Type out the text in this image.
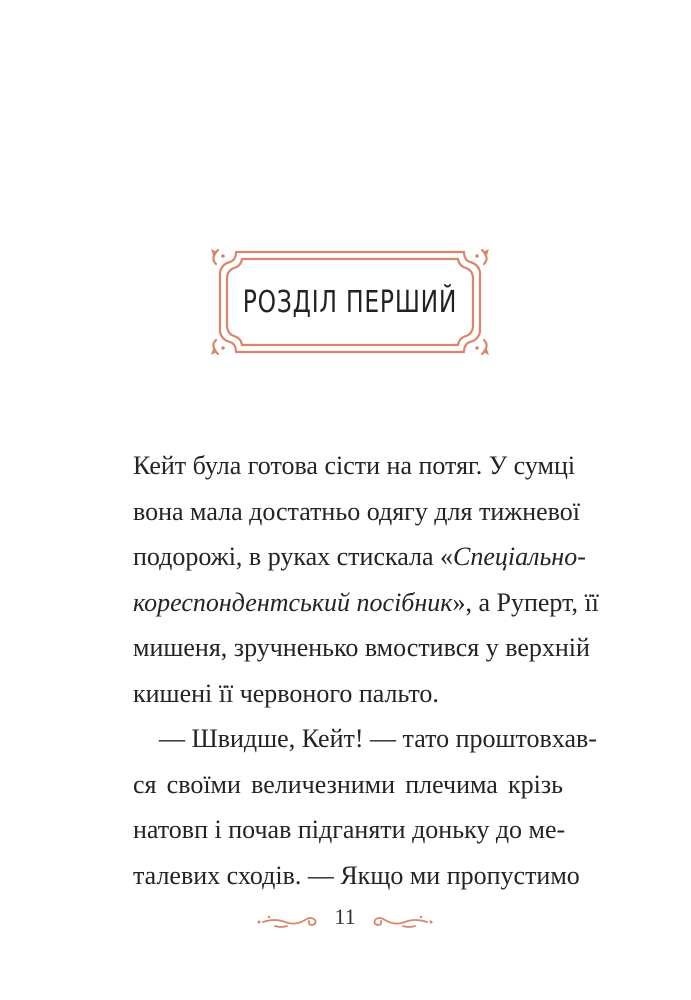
РОЗДІЛ ПЕРШИЙ
Кейт була готова сісти на потяг. У сумці
вона мала достатньо одягу для тижневої
подорожі, в руках стискала «Спеціально-
кореспондентський посібник», а Руперт, її
мишеня, зручненько вмостився у верхній
кишені її червоного пальто.
— Швидше, Кейт! — тато проштовхав-
ся своїми величезними плечима крізь
натовп і почав підганяти доньку до ме-
талевих сходів. — Якщо ми пропустимо
11
